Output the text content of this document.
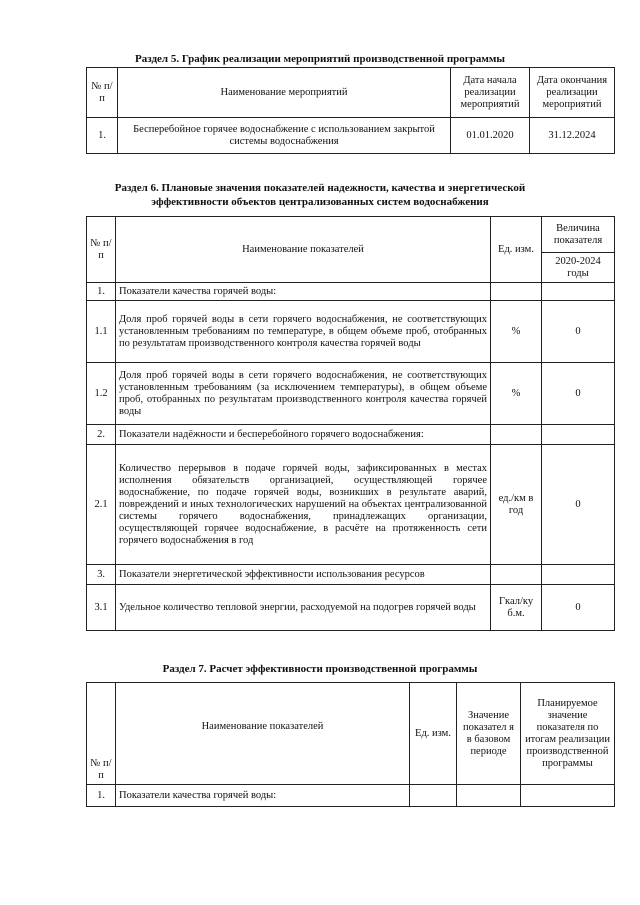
Раздел 5. График реализации мероприятий производственной программы
№ п/п	Наименование мероприятий	Дата начала реализации мероприятий	Дата окончания реализации мероприятий
1.	Бесперебойное горячее водоснабжение с использованием закрытой системы водоснабжения	01.01.2020	31.12.2024
Раздел 6. Плановые значения показателей надежности, качества и энергетической
эффективности объектов централизованных систем водоснабжения
№ п/ п	Наименование показателей	Ед. изм.	Величина показателя
			2020-2024 годы
1.	Показатели качества горячей воды:		
1.1	Доля проб горячей воды в сети горячего водоснабжения, не соответствующих установленным требованиям по температуре, в общем объеме проб, отобранных по результатам производственного контроля качества горячей воды	%	0
1.2	Доля проб горячей воды в сети горячего водоснабжения, не соответствующих установленным требованиям (за исключением температуры), в общем объеме проб, отобранных по результатам производственного контроля качества горячей воды	%	0
2.	Показатели надёжности и бесперебойного горячего водоснабжения:		
2.1	Количество перерывов в подаче горячей воды, зафиксированных в местах исполнения обязательств организацией, осуществляющей горячее водоснабжение, по подаче горячей воды, возникших в результате аварий, повреждений и иных технологических нарушений на объектах централизованной системы горячего водоснабжения, принадлежащих организации, осуществляющей горячее водоснабжение, в расчёте на протяженность сети горячего водоснабжения в год	ед./км в год	0
3.	Показатели энергетической эффективности использования ресурсов		
3.1	Удельное количество тепловой энергии, расходуемой на подогрев горячей воды	Гкал/ку б.м.	0
Раздел 7. Расчет эффективности производственной программы
№ п/п	Наименование показателей	Ед. изм.	Значение показател я в базовом периоде	Планируемое значение показателя по итогам реализации производственной программы
1.	Показатели качества горячей воды:			
